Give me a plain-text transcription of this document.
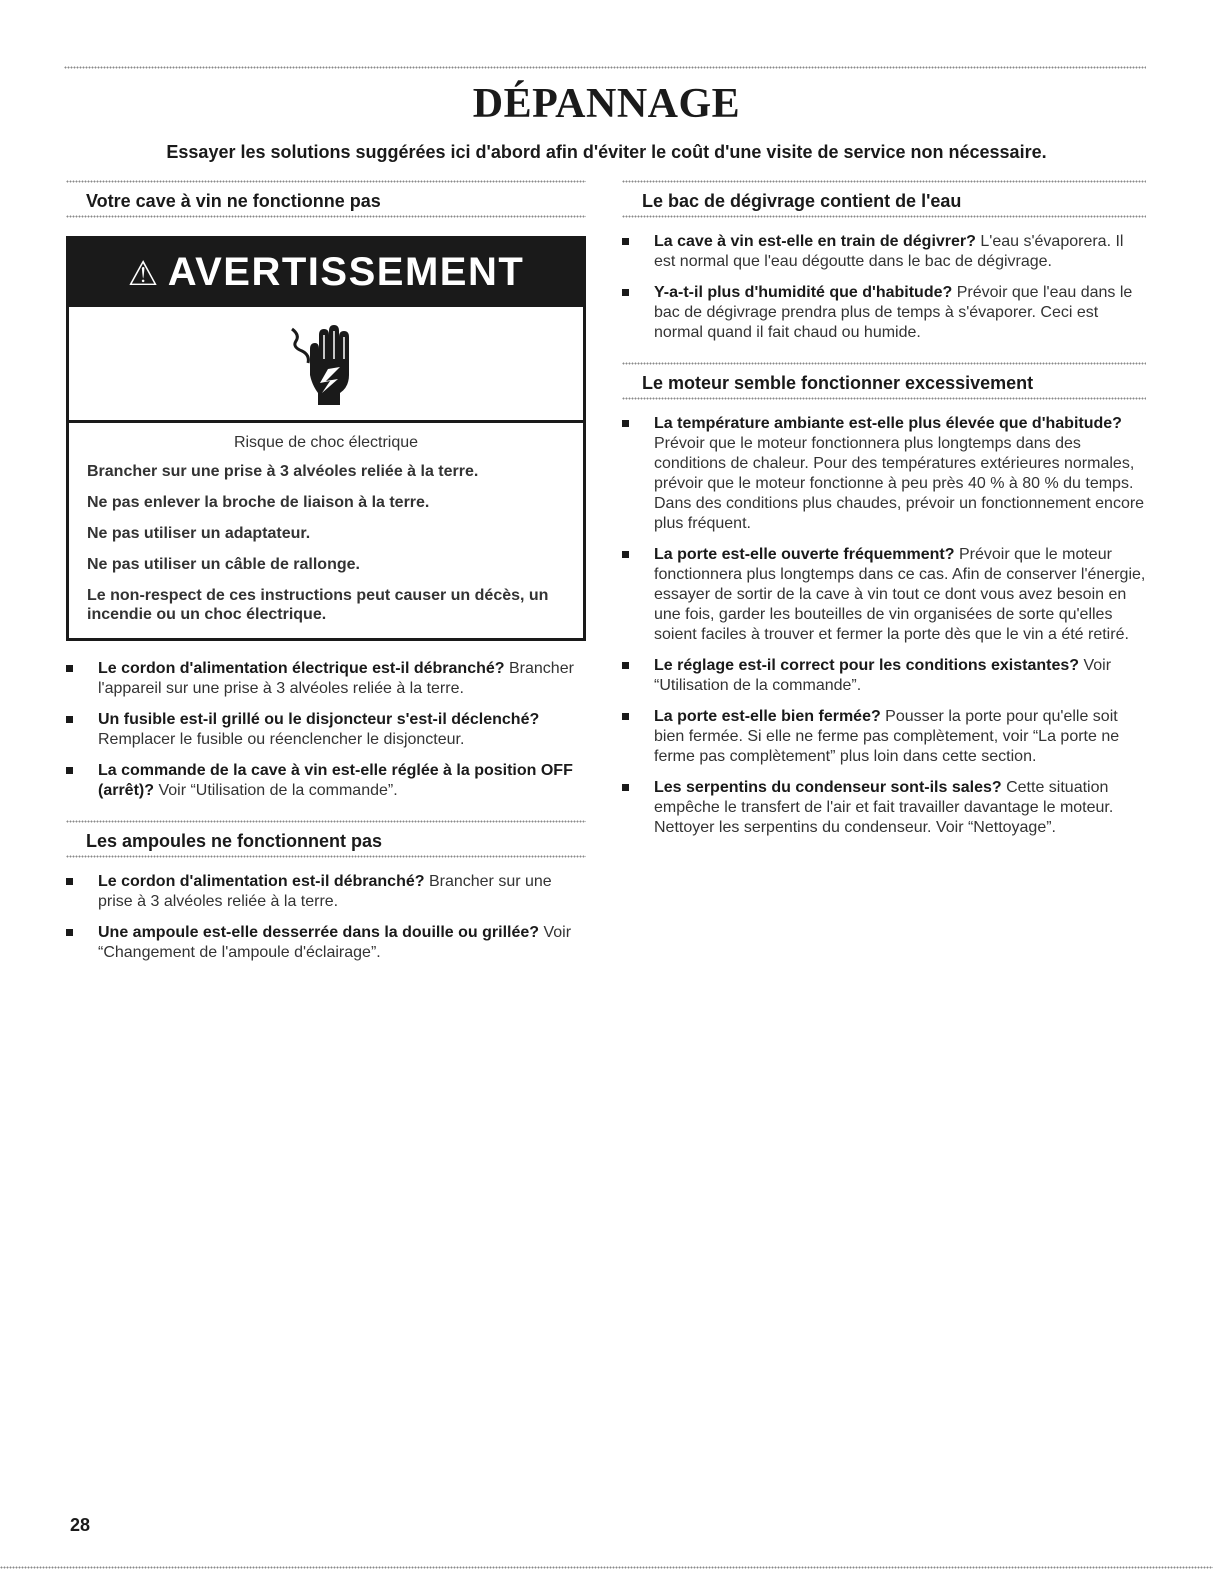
DÉPANNAGE
Essayer les solutions suggérées ici d'abord afin d'éviter le coût d'une visite de service non nécessaire.
Votre cave à vin ne fonctionne pas
⚠ AVERTISSEMENT

Risque de choc électrique

Brancher sur une prise à 3 alvéoles reliée à la terre.

Ne pas enlever la broche de liaison à la terre.

Ne pas utiliser un adaptateur.

Ne pas utiliser un câble de rallonge.

Le non-respect de ces instructions peut causer un décès, un incendie ou un choc électrique.

Le cordon d'alimentation électrique est-il débranché? Brancher l'appareil sur une prise à 3 alvéoles reliée à la terre.
Un fusible est-il grillé ou le disjoncteur s'est-il déclenché? Remplacer le fusible ou réenclencher le disjoncteur.
La commande de la cave à vin est-elle réglée à la position OFF (arrêt)? Voir “Utilisation de la commande”.
Les ampoules ne fonctionnent pas
Le cordon d'alimentation est-il débranché? Brancher sur une prise à 3 alvéoles reliée à la terre.
Une ampoule est-elle desserrée dans la douille ou grillée? Voir “Changement de l'ampoule d'éclairage”.
Le bac de dégivrage contient de l'eau
La cave à vin est-elle en train de dégivrer? L'eau s'évaporera. Il est normal que l'eau dégoutte dans le bac de dégivrage.
Y-a-t-il plus d'humidité que d'habitude? Prévoir que l'eau dans le bac de dégivrage prendra plus de temps à s'évaporer. Ceci est normal quand il fait chaud ou humide.
Le moteur semble fonctionner excessivement
La température ambiante est-elle plus élevée que d'habitude? Prévoir que le moteur fonctionnera plus longtemps dans des conditions de chaleur. Pour des températures extérieures normales, prévoir que le moteur fonctionne à peu près 40 % à 80 % du temps. Dans des conditions plus chaudes, prévoir un fonctionnement encore plus fréquent.
La porte est-elle ouverte fréquemment? Prévoir que le moteur fonctionnera plus longtemps dans ce cas. Afin de conserver l'énergie, essayer de sortir de la cave à vin tout ce dont vous avez besoin en une fois, garder les bouteilles de vin organisées de sorte qu'elles soient faciles à trouver et fermer la porte dès que le vin a été retiré.
Le réglage est-il correct pour les conditions existantes? Voir “Utilisation de la commande”.
La porte est-elle bien fermée? Pousser la porte pour qu'elle soit bien fermée. Si elle ne ferme pas complètement, voir “La porte ne ferme pas complètement” plus loin dans cette section.
Les serpentins du condenseur sont-ils sales? Cette situation empêche le transfert de l'air et fait travailler davantage le moteur. Nettoyer les serpentins du condenseur. Voir “Nettoyage”.
28
